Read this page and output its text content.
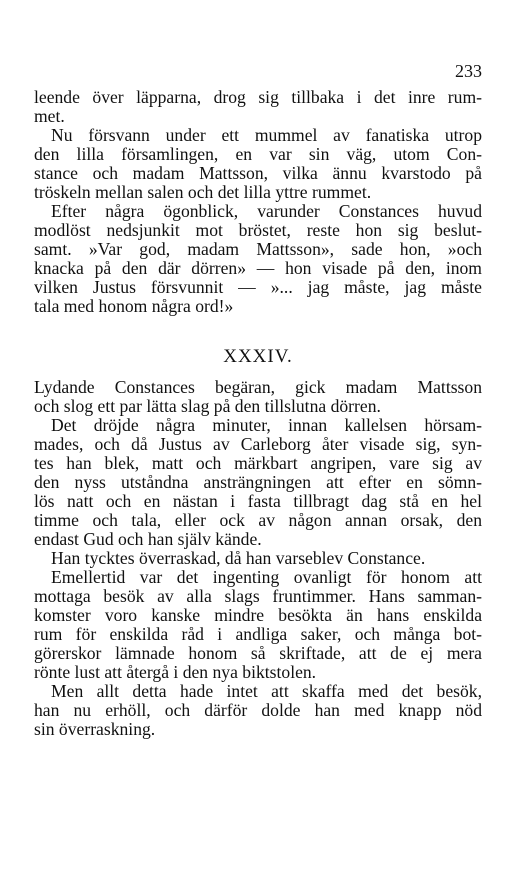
233
leende över läpparna, drog sig tillbaka i det inre rum-
met.
Nu försvann under ett mummel av fanatiska utrop
den lilla församlingen, en var sin väg, utom Con-
stance och madam Mattsson, vilka ännu kvarstodo på
tröskeln mellan salen och det lilla yttre rummet.
Efter några ögonblick, varunder Constances huvud
modlöst nedsjunkit mot bröstet, reste hon sig beslut-
samt. »Var god, madam Mattsson», sade hon, »och
knacka på den där dörren» — hon visade på den, inom
vilken Justus försvunnit — »... jag måste, jag måste
tala med honom några ord!»
XXXIV.
Lydande Constances begäran, gick madam Mattsson
och slog ett par lätta slag på den tillslutna dörren.
Det dröjde några minuter, innan kallelsen hörsam-
mades, och då Justus av Carleborg åter visade sig, syn-
tes han blek, matt och märkbart angripen, vare sig av
den nyss utståndna ansträngningen att efter en sömn-
lös natt och en nästan i fasta tillbragt dag stå en hel
timme och tala, eller ock av någon annan orsak, den
endast Gud och han själv kände.
Han tycktes överraskad, då han varseblev Constance.
Emellertid var det ingenting ovanligt för honom att
mottaga besök av alla slags fruntimmer. Hans samman-
komster voro kanske mindre besökta än hans enskilda
rum för enskilda råd i andliga saker, och många bot-
görerskor lämnade honom så skriftade, att de ej mera
rönte lust att återgå i den nya biktstolen.
Men allt detta hade intet att skaffa med det besök,
han nu erhöll, och därför dolde han med knapp nöd
sin överraskning.
